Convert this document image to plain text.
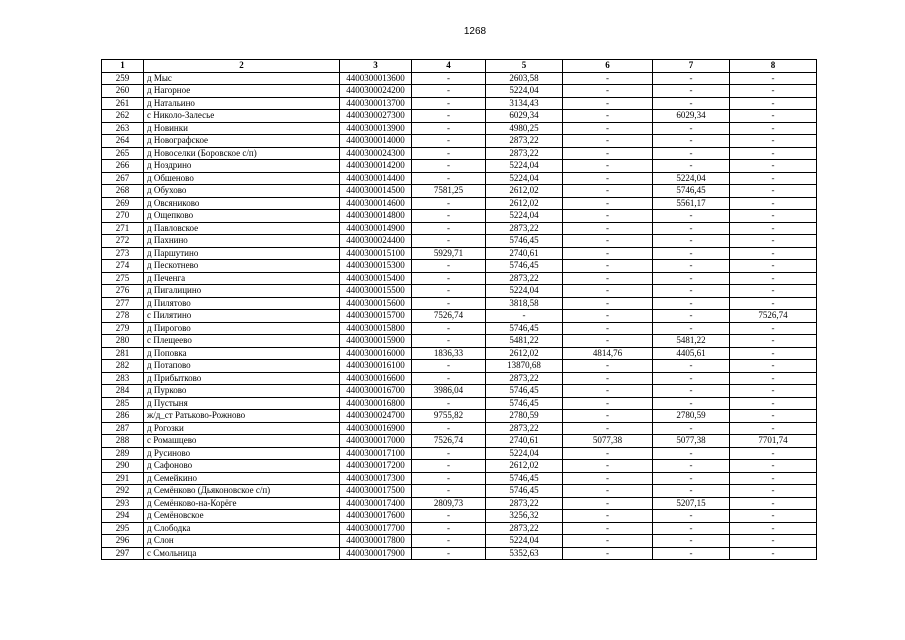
1268
1	2	3	4	5	6	7	8
259	д Мыс	4400300013600	-	2603,58	-	-	-
260	д Нагорное	4400300024200	-	5224,04	-	-	-
261	д Натальино	4400300013700	-	3134,43	-	-	-
262	с Николо-Залесье	4400300027300	-	6029,34	-	6029,34	-
263	д Новинки	4400300013900	-	4980,25	-	-	-
264	д Новографское	4400300014000	-	2873,22	-	-	-
265	д Новоселки (Боровское с/п)	4400300024300	-	2873,22	-	-	-
266	д Ноздрино	4400300014200	-	5224,04	-	-	-
267	д Обшеново	4400300014400	-	5224,04	-	5224,04	-
268	д Обухово	4400300014500	7581,25	2612,02	-	5746,45	-
269	д Овсяниково	4400300014600	-	2612,02	-	5561,17	-
270	д Ощепково	4400300014800	-	5224,04	-	-	-
271	д Павловское	4400300014900	-	2873,22	-	-	-
272	д Пахнино	4400300024400	-	5746,45	-	-	-
273	д Паршутино	4400300015100	5929,71	2740,61	-	-	-
274	д Пескотнево	4400300015300	-	5746,45	-	-	-
275	д Печенга	4400300015400	-	2873,22	-	-	-
276	д Пигалицино	4400300015500	-	5224,04	-	-	-
277	д Пилятово	4400300015600	-	3818,58	-	-	-
278	с Пилятино	4400300015700	7526,74	-	-	-	7526,74
279	д Пирогово	4400300015800	-	5746,45	-	-	-
280	с Плещеево	4400300015900	-	5481,22	-	5481,22	-
281	д Поповка	4400300016000	1836,33	2612,02	4814,76	4405,61	-
282	д Потапово	4400300016100	-	13870,68	-	-	-
283	д Прибытково	4400300016600	-	2873,22	-	-	-
284	д Пурково	4400300016700	3986,04	5746,45	-	-	-
285	д Пустыня	4400300016800	-	5746,45	-	-	-
286	ж/д_ст Ратьково-Рожново	4400300024700	9755,82	2780,59	-	2780,59	-
287	д Рогозки	4400300016900	-	2873,22	-	-	-
288	с Ромашцево	4400300017000	7526,74	2740,61	5077,38	5077,38	7701,74
289	д Русиново	4400300017100	-	5224,04	-	-	-
290	д Сафоново	4400300017200	-	2612,02	-	-	-
291	д Семейкино	4400300017300	-	5746,45	-	-	-
292	д Семёнково (Дьяконовское с/п)	4400300017500	-	5746,45	-	-	-
293	д Семёнково-на-Корёге	4400300017400	2809,73	2873,22	-	5207,15	-
294	д Семёновское	4400300017600	-	3256,32	-	-	-
295	д Слободка	4400300017700	-	2873,22	-	-	-
296	д Слон	4400300017800	-	5224,04	-	-	-
297	с Смольница	4400300017900	-	5352,63	-	-	-
